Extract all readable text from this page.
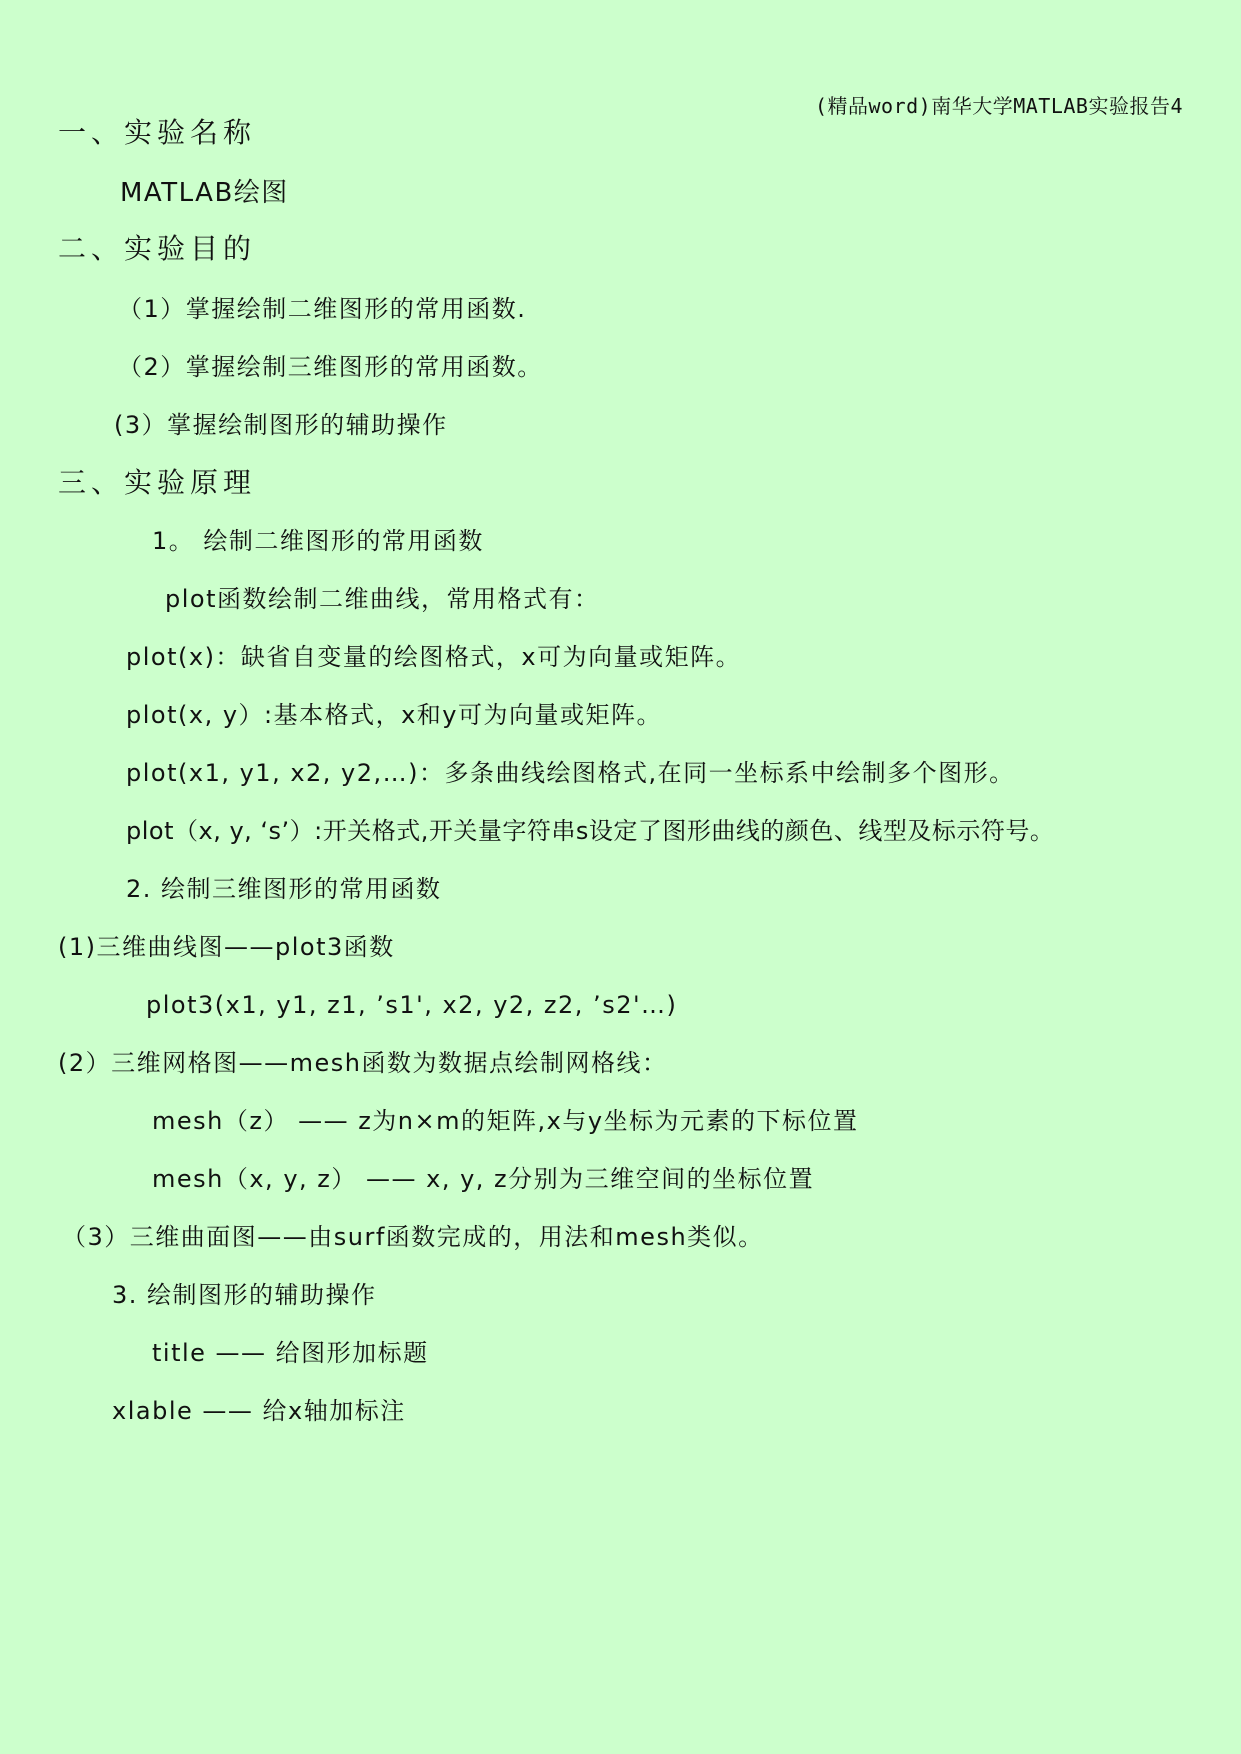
(精品word)南华大学MATLAB实验报告4
一、实验名称
MATLAB绘图
二、实验目的
（1）掌握绘制二维图形的常用函数.
（2）掌握绘制三维图形的常用函数。
(3）掌握绘制图形的辅助操作
三、实验原理
1。 绘制二维图形的常用函数
plot函数绘制二维曲线，常用格式有：
plot(x)：缺省自变量的绘图格式，x可为向量或矩阵。
plot(x, y）:基本格式，x和y可为向量或矩阵。
plot(x1, y1, x2, y2,…)：多条曲线绘图格式,在同一坐标系中绘制多个图形。
plot（x, y, ‘s’）:开关格式,开关量字符串s设定了图形曲线的颜色、线型及标示符号。
2. 绘制三维图形的常用函数
(1)三维曲线图——plot3函数
plot3(x1, y1, z1, ’s1', x2, y2, z2, ’s2'…)
(2）三维网格图——mesh函数为数据点绘制网格线：
mesh（z） —— z为n×m的矩阵,x与y坐标为元素的下标位置
mesh（x, y, z） —— x, y, z分别为三维空间的坐标位置
（3）三维曲面图——由surf函数完成的，用法和mesh类似。
3. 绘制图形的辅助操作
title —— 给图形加标题
xlable —— 给x轴加标注
